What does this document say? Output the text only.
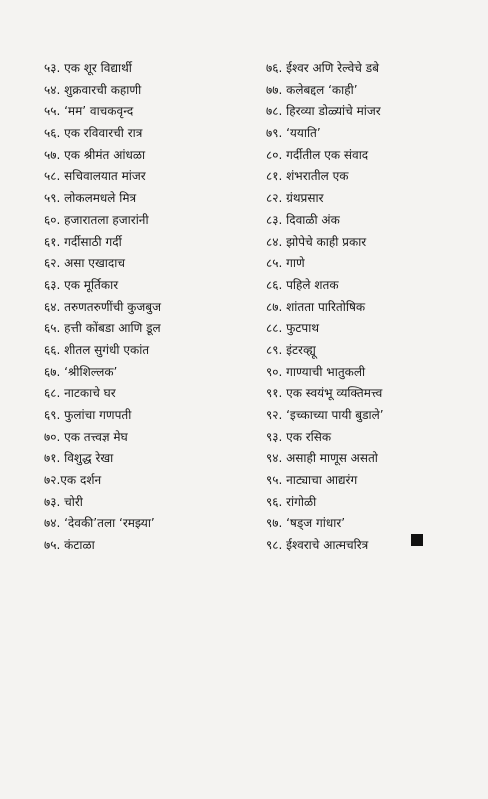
५३. एक शूर विद्यार्थी
५४. शुक्रवारची कहाणी
५५. ‘मम’ वाचकवृन्द
५६. एक रविवारची रात्र
५७. एक श्रीमंत आंधळा
५८. सचिवालयात मांजर
५९. लोकलमधले मित्र
६०. हजारातला हजारांनी
६१. गर्दीसाठी गर्दी
६२. असा एखादाच
६३. एक मूर्तिकार
६४. तरुणतरुणींची कुजबुज
६५. हत्ती कोंबडा आणि डूल
६६. शीतल सुगंधी एकांत
६७. ‘श्रीशिल्लक’
६८. नाटकाचे घर
६९. फुलांचा गणपती
७०. एक तत्त्वज्ञ मेघ
७१. विशुद्ध रेखा
७२.एक दर्शन
७३. चोरी
७४. ‘देवकी’तला ‘रमझ्या’
७५. कंटाळा
७६. ईश्वर अणि रेल्वेचे डबे
७७. कलेबद्दल ‘काही’
७८. हिरव्या डोळ्यांचे मांजर
७९. ‘ययाति’
८०. गर्दीतील एक संवाद
८१. शंभरातील एक
८२. ग्रंथप्रसार
८३. दिवाळी अंक
८४. झोपेचे काही प्रकार
८५. गाणे
८६. पहिले शतक
८७. शांतता पारितोषिक
८८. फुटपाथ
८९. इंटरव्ह्यू
९०. गाण्याची भातुकली
९१. एक स्वयंभू व्यक्तिमत्त्व
९२. ‘इच्काच्या पायी बुडाले’
९३. एक रसिक
९४. असाही माणूस असतो
९५. नाट्याचा आद्यरंग
९६. रांगोळी
९७. ‘षड्ज गांधार’
९८. ईश्वराचे आत्मचरित्र
